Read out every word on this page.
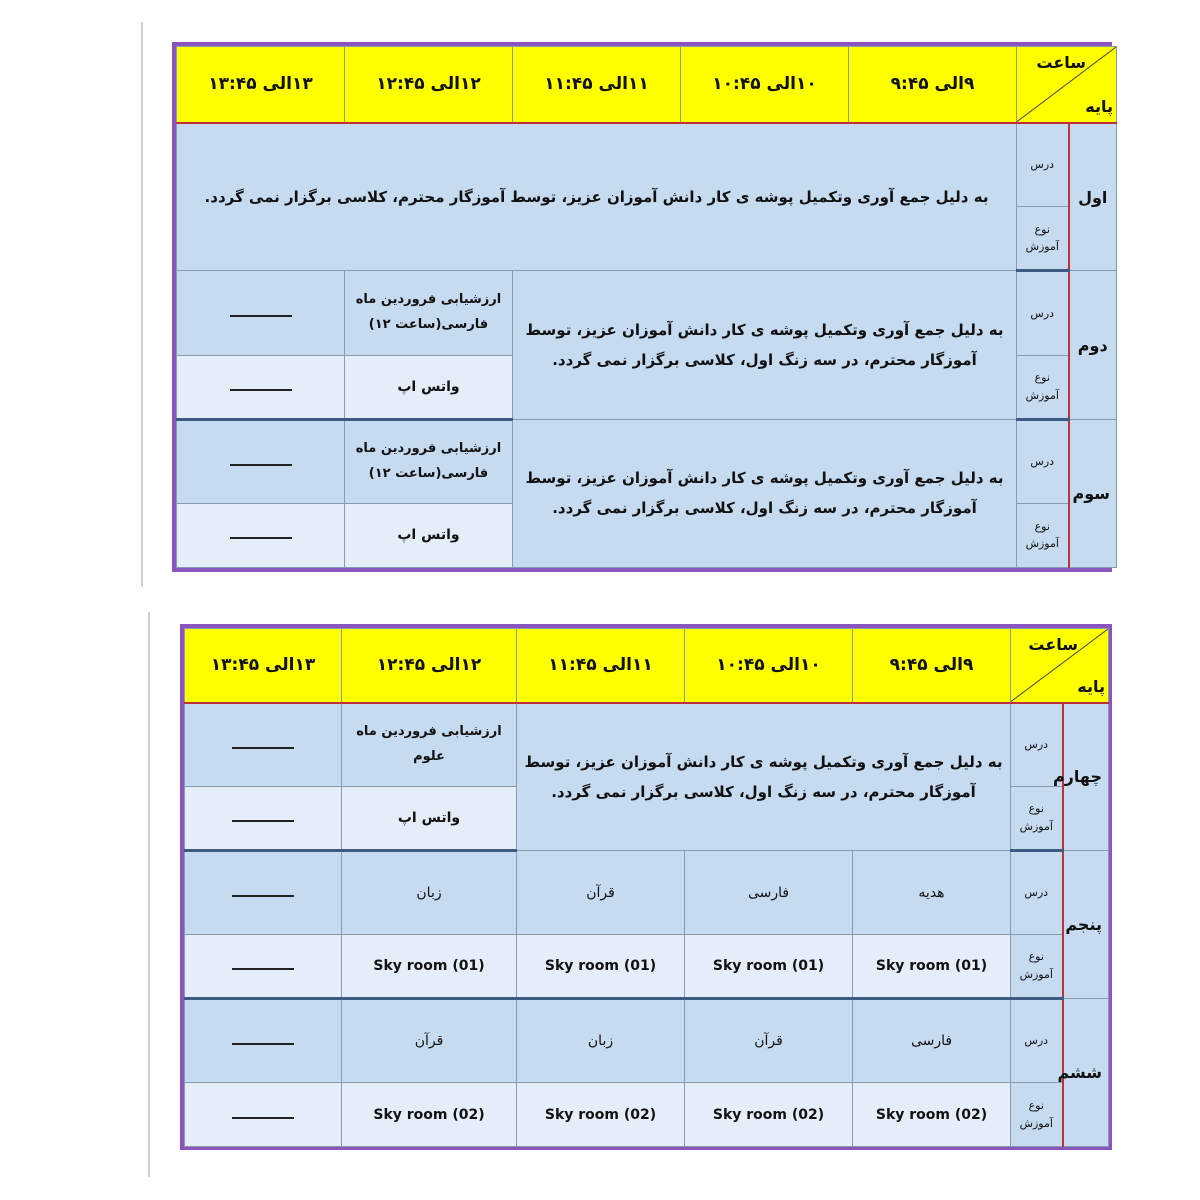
ساعت
پایه		۹الی ۹:۴۵	۱۰الی ۱۰:۴۵	۱۱الی ۱۱:۴۵	۱۲الی ۱۲:۴۵	۱۳الی ۱۳:۴۵
اول	درس	به دلیل جمع آوری وتکمیل پوشه ی کار دانش آموزان عزیز، توسط آموزگار محترم، کلاسی برگزار نمی گردد.				
	نوع آموزش					
دوم	درس	به دلیل جمع آوری وتکمیل پوشه ی کار دانش آموزان عزیز، توسط آموزگار محترم، در سه زنگ اول، کلاسی برگزار نمی گردد.			ارزشیابی فروردین ماه فارسی(ساعت ۱۲)	
	نوع آموزش				واتس اپ	
سوم	درس	به دلیل جمع آوری وتکمیل پوشه ی کار دانش آموزان عزیز، توسط آموزگار محترم، در سه زنگ اول، کلاسی برگزار نمی گردد.			ارزشیابی فروردین ماه فارسی(ساعت ۱۲)	
	نوع آموزش				واتس اپ	
ساعت
پایه		۹الی ۹:۴۵	۱۰الی ۱۰:۴۵	۱۱الی ۱۱:۴۵	۱۲الی ۱۲:۴۵	۱۳الی ۱۳:۴۵
چهارم	درس	به دلیل جمع آوری وتکمیل پوشه ی کار دانش آموزان عزیز، توسط آموزگار محترم، در سه زنگ اول، کلاسی برگزار نمی گردد.			ارزشیابی فروردین ماه علوم	
	نوع آموزش				واتس اپ	
پنجم	درس	هدیه	فارسی	قرآن	زبان	
	نوع آموزش	Sky room (01)	Sky room (01)	Sky room (01)	Sky room (01)	
ششم	درس	فارسی	قرآن	زبان	قرآن	
	نوع آموزش	Sky room (02)	Sky room (02)	Sky room (02)	Sky room (02)	
